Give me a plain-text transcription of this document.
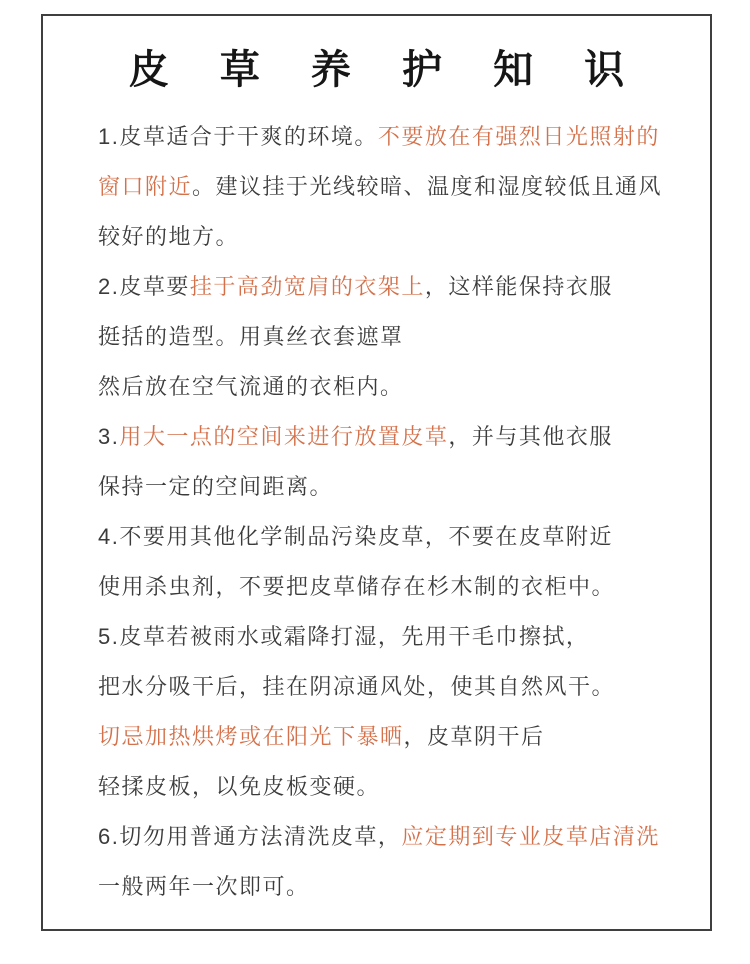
皮 草 养 护 知 识
1.皮草适合于干爽的环境。不要放在有强烈日光照射的
窗口附近。建议挂于光线较暗、温度和湿度较低且通风
较好的地方。
2.皮草要挂于高劲宽肩的衣架上，这样能保持衣服
挺括的造型。用真丝衣套遮罩
然后放在空气流通的衣柜内。
3.用大一点的空间来进行放置皮草，并与其他衣服
保持一定的空间距离。
4.不要用其他化学制品污染皮草，不要在皮草附近
使用杀虫剂，不要把皮草储存在杉木制的衣柜中。
5.皮草若被雨水或霜降打湿，先用干毛巾擦拭，
把水分吸干后，挂在阴凉通风处，使其自然风干。
切忌加热烘烤或在阳光下暴晒，皮草阴干后
轻揉皮板，以免皮板变硬。
6.切勿用普通方法清洗皮草，应定期到专业皮草店清洗
一般两年一次即可。
